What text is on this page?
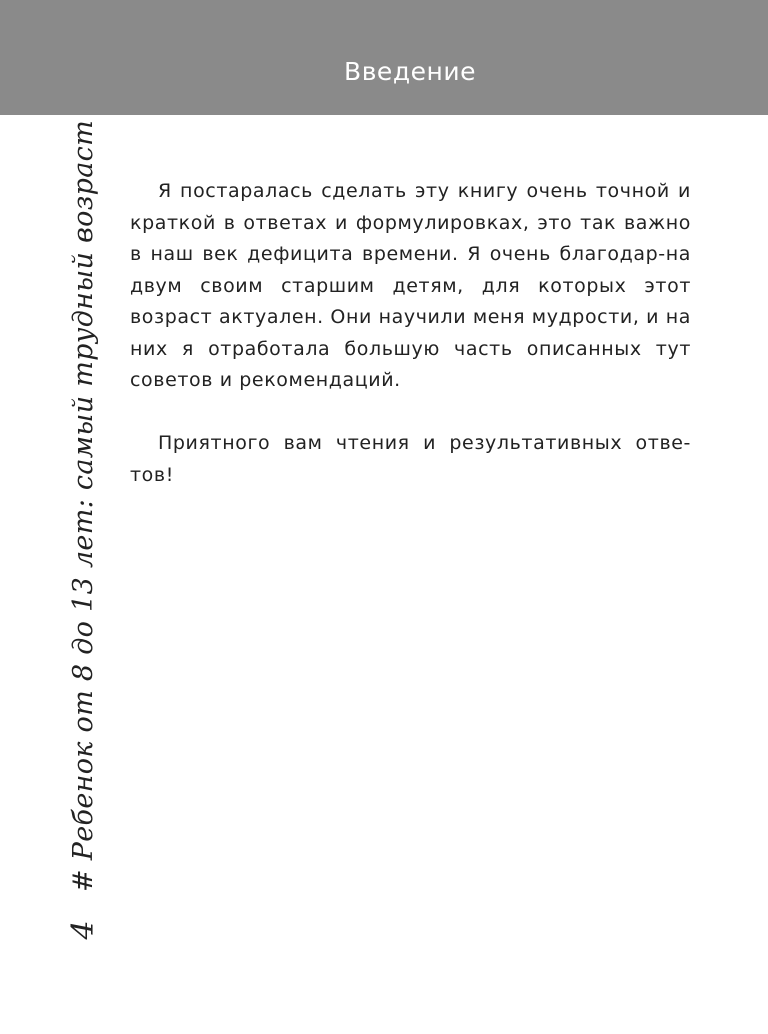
Введение

Я постаралась сделать эту книгу очень точной и краткой в ответах и формулировках, это так важно в наш век дефицита времени. Я очень благодар-на двум своим старшим детям, для которых этот возраст актуален. Они научили меня мудрости, и на них я отработала большую часть описанных тут советов и рекомендаций.

Приятного вам чтения и результативных отве-тов!

# Ребенок от 8 до 13 лет: самый трудный возраст
4
